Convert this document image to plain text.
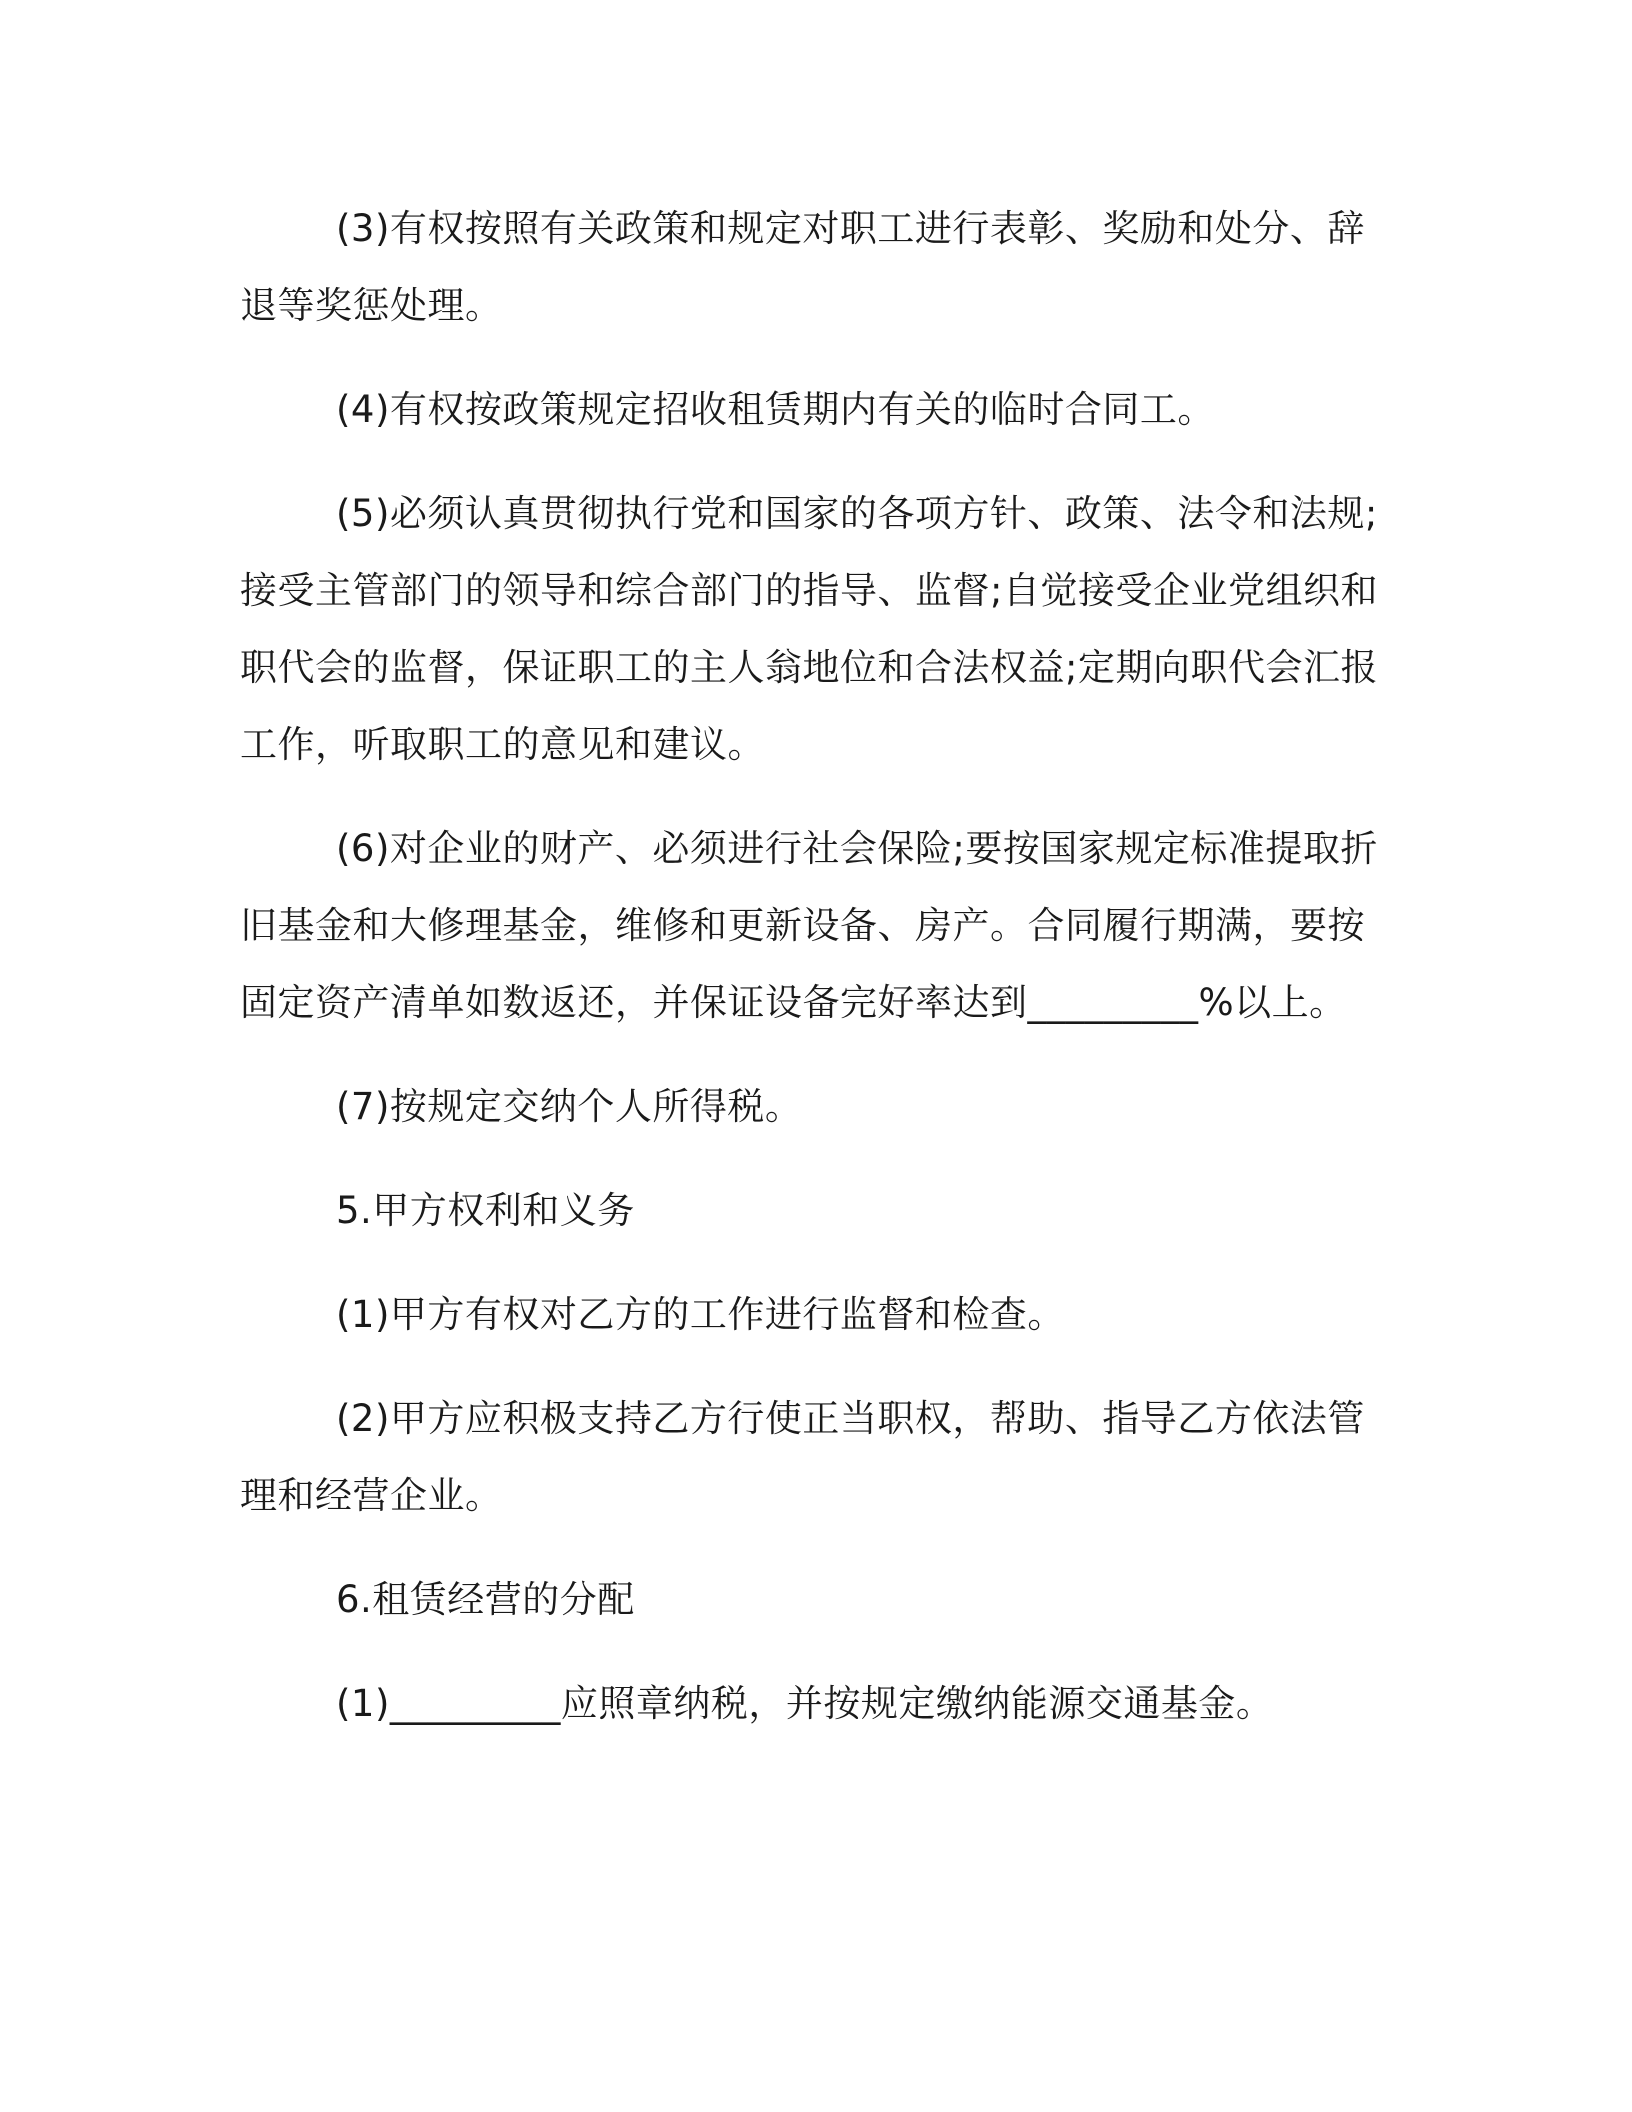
(3)有权按照有关政策和规定对职工进行表彰、奖励和处分、辞退等奖惩处理。

(4)有权按政策规定招收租赁期内有关的临时合同工。

(5)必须认真贯彻执行党和国家的各项方针、政策、法令和法规;接受主管部门的领导和综合部门的指导、监督;自觉接受企业党组织和职代会的监督，保证职工的主人翁地位和合法权益;定期向职代会汇报工作，听取职工的意见和建议。

(6)对企业的财产、必须进行社会保险;要按国家规定标准提取折旧基金和大修理基金，维修和更新设备、房产。合同履行期满，要按固定资产清单如数返还，并保证设备完好率达到_________%以上。

(7)按规定交纳个人所得税。

5.甲方权利和义务

(1)甲方有权对乙方的工作进行监督和检查。

(2)甲方应积极支持乙方行使正当职权，帮助、指导乙方依法管理和经营企业。

6.租赁经营的分配

(1)_________应照章纳税，并按规定缴纳能源交通基金。
